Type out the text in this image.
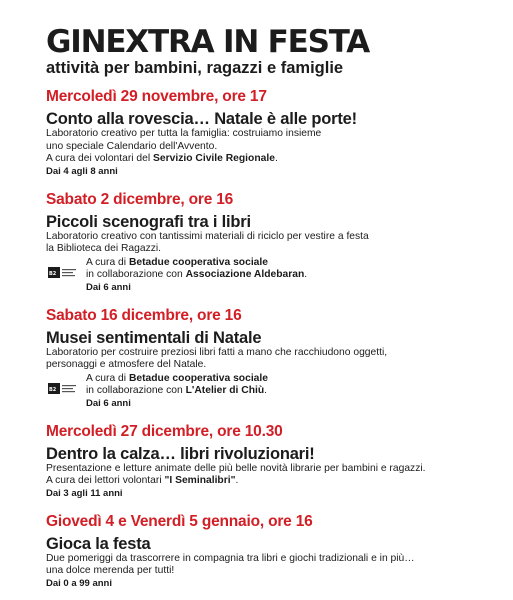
GINEXTRA IN FESTA
attività per bambini, ragazzi e famiglie
Mercoledì 29 novembre, ore 17
Conto alla rovescia… Natale è alle porte!
Laboratorio creativo per tutta la famiglia: costruiamo insieme
uno speciale Calendario dell'Avvento.
A cura dei volontari del Servizio Civile Regionale.
Dai 4 agli 8 anni
Sabato 2 dicembre, ore 16
Piccoli scenografi tra i libri
Laboratorio creativo con tantissimi materiali di riciclo per vestire a festa
la Biblioteca dei Ragazzi.
B2
A cura di Betadue cooperativa sociale
in collaborazione con Associazione Aldebaran.
Dai 6 anni
Sabato 16 dicembre, ore 16
Musei sentimentali di Natale
Laboratorio per costruire preziosi libri fatti a mano che racchiudono oggetti,
personaggi e atmosfere del Natale.
B2
A cura di Betadue cooperativa sociale
in collaborazione con L'Atelier di Chiù.
Dai 6 anni
Mercoledì 27 dicembre, ore 10.30
Dentro la calza… libri rivoluzionari!
Presentazione e letture animate delle più belle novità librarie per bambini e ragazzi.
A cura dei lettori volontari "I Seminalibri".
Dai 3 agli 11 anni
Giovedì 4 e Venerdì 5 gennaio, ore 16
Gioca la festa
Due pomeriggi da trascorrere in compagnia tra libri e giochi tradizionali e in più…
una dolce merenda per tutti!
Dai 0 a 99 anni
